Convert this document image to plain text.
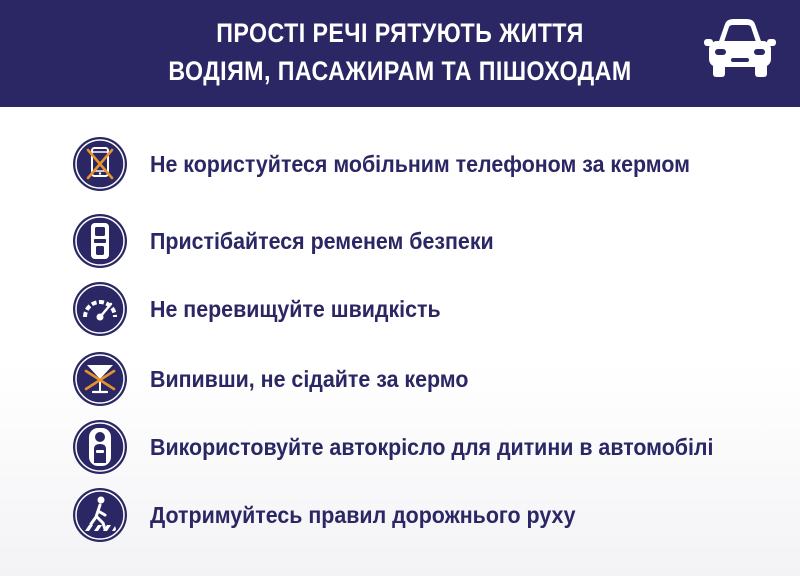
ПРОСТІ РЕЧІ РЯТУЮТЬ ЖИТТЯ
ВОДІЯМ, ПАСАЖИРАМ ТА ПІШОХОДАМ
Не користуйтеся мобільним телефоном за кермом
Пристібайтеся ременем безпеки
Не перевищуйте швидкість
Випивши, не сідайте за кермо
Використовуйте автокрісло для дитини в автомобілі
Дотримуйтесь правил дорожнього руху
